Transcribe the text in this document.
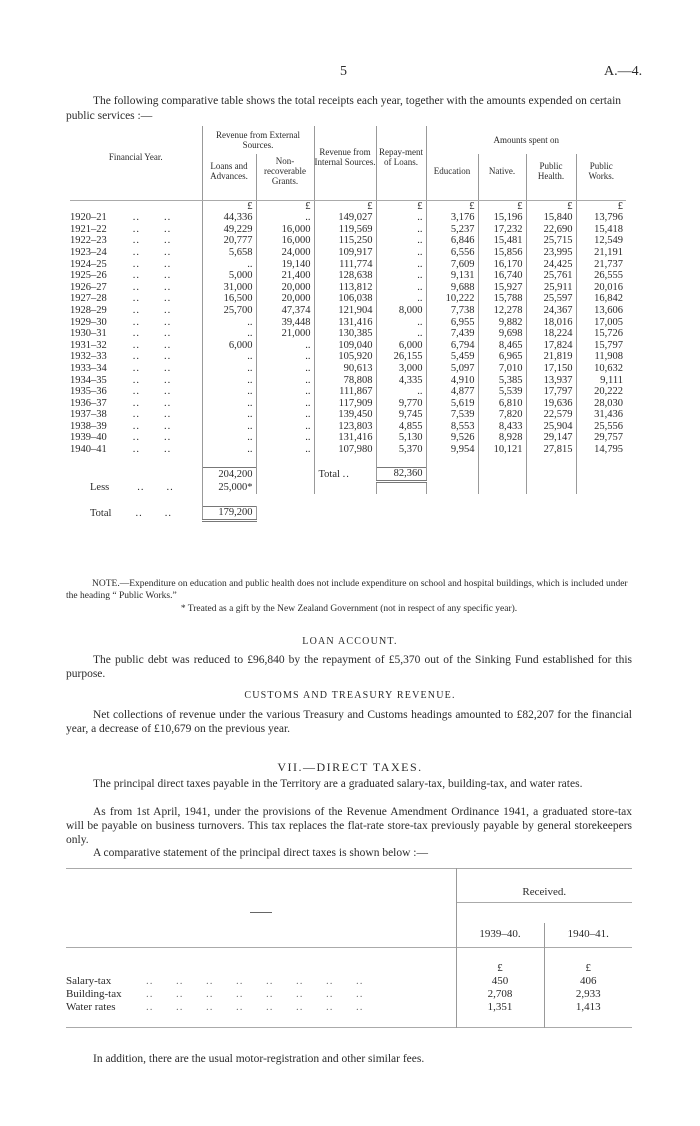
5	A.—4.
The following comparative table shows the total receipts each year, together with the amounts expended on certain public services :—
Financial Year.	Revenue from External Sources.		Revenue from Internal Sources.	Repay-ment of Loans.	Amounts spent on			
	Loans and Advances.	Non-recoverable Grants.			Education	Native.	Public Health.	Public Works.

	£	£	£	£	£	£	£	£
1920–21 .. ..	44,336	..	149,027	..	3,176	15,196	15,840	13,796
1921–22 .. ..	49,229	16,000	119,569	..	5,237	17,232	22,690	15,418
1922–23 .. ..	20,777	16,000	115,250	..	6,846	15,481	25,715	12,549
1923–24 .. ..	5,658	24,000	109,917	..	6,556	15,856	23,995	21,191
1924–25 .. ..	..	19,140	111,774	..	7,609	16,170	24,425	21,737
1925–26 .. ..	5,000	21,400	128,638	..	9,131	16,740	25,761	26,555
1926–27 .. ..	31,000	20,000	113,812	..	9,688	15,927	25,911	20,016
1927–28 .. ..	16,500	20,000	106,038	..	10,222	15,788	25,597	16,842
1928–29 .. ..	25,700	47,374	121,904	8,000	7,738	12,278	24,367	13,606
1929–30 .. ..	..	39,448	131,416	..	6,955	9,882	18,016	17,005
1930–31 .. ..	..	21,000	130,385	..	7,439	9,698	18,224	15,726
1931–32 .. ..	6,000	..	109,040	6,000	6,794	8,465	17,824	15,797
1932–33 .. ..	..	..	105,920	26,155	5,459	6,965	21,819	11,908
1933–34 .. ..	..	..	90,613	3,000	5,097	7,010	17,150	10,632
1934–35 .. ..	..	..	78,808	4,335	4,910	5,385	13,937	9,111
1935–36 .. ..	..	..	111,867	..	4,877	5,539	17,797	20,222
1936–37 .. ..	..	..	117,909	9,770	5,619	6,810	19,636	28,030
1937–38 .. ..	..	..	139,450	9,745	7,539	7,820	22,579	31,436
1938–39 .. ..	..	..	123,803	4,855	8,553	8,433	25,904	25,556
1939–40 .. ..	..	..	131,416	5,130	9,526	8,928	29,147	29,757
1940–41 .. ..	..	..	107,980	5,370	9,954	10,121	27,815	14,795

	204,200		Total ..	82,360				
Less .. ..	25,000*							

Total .. ..	179,200							
NOTE.—Expenditure on education and public health does not include expenditure on school and hospital buildings, which is included under the heading “ Public Works.”
* Treated as a gift by the New Zealand Government (not in respect of any specific year).
LOAN ACCOUNT.
The public debt was reduced to £96,840 by the repayment of £5,370 out of the Sinking Fund established for this purpose.
CUSTOMS AND TREASURY REVENUE.
Net collections of revenue under the various Treasury and Customs headings amounted to £82,207 for the financial year, a decrease of £10,679 on the previous year.
VII.—DIRECT TAXES.
The principal direct taxes payable in the Territory are a graduated salary-tax, building-tax, and water rates.
As from 1st April, 1941, under the provisions of the Revenue Amendment Ordinance 1941, a graduated store-tax will be payable on business turnovers. This tax replaces the flat-rate store-tax previously payable by general storekeepers only.
A comparative statement of the principal direct taxes is shown below :—

	Received.	

	1939–40.	1940–41.

	£	£
Salary-tax ..      ..      ..      ..      ..      ..      ..      ..	450	406
Building-tax ..      ..      ..      ..      ..      ..      ..      ..	2,708	2,933
Water rates ..      ..      ..      ..      ..      ..      ..      ..	1,351	1,413

In addition, there are the usual motor-registration and other similar fees.
